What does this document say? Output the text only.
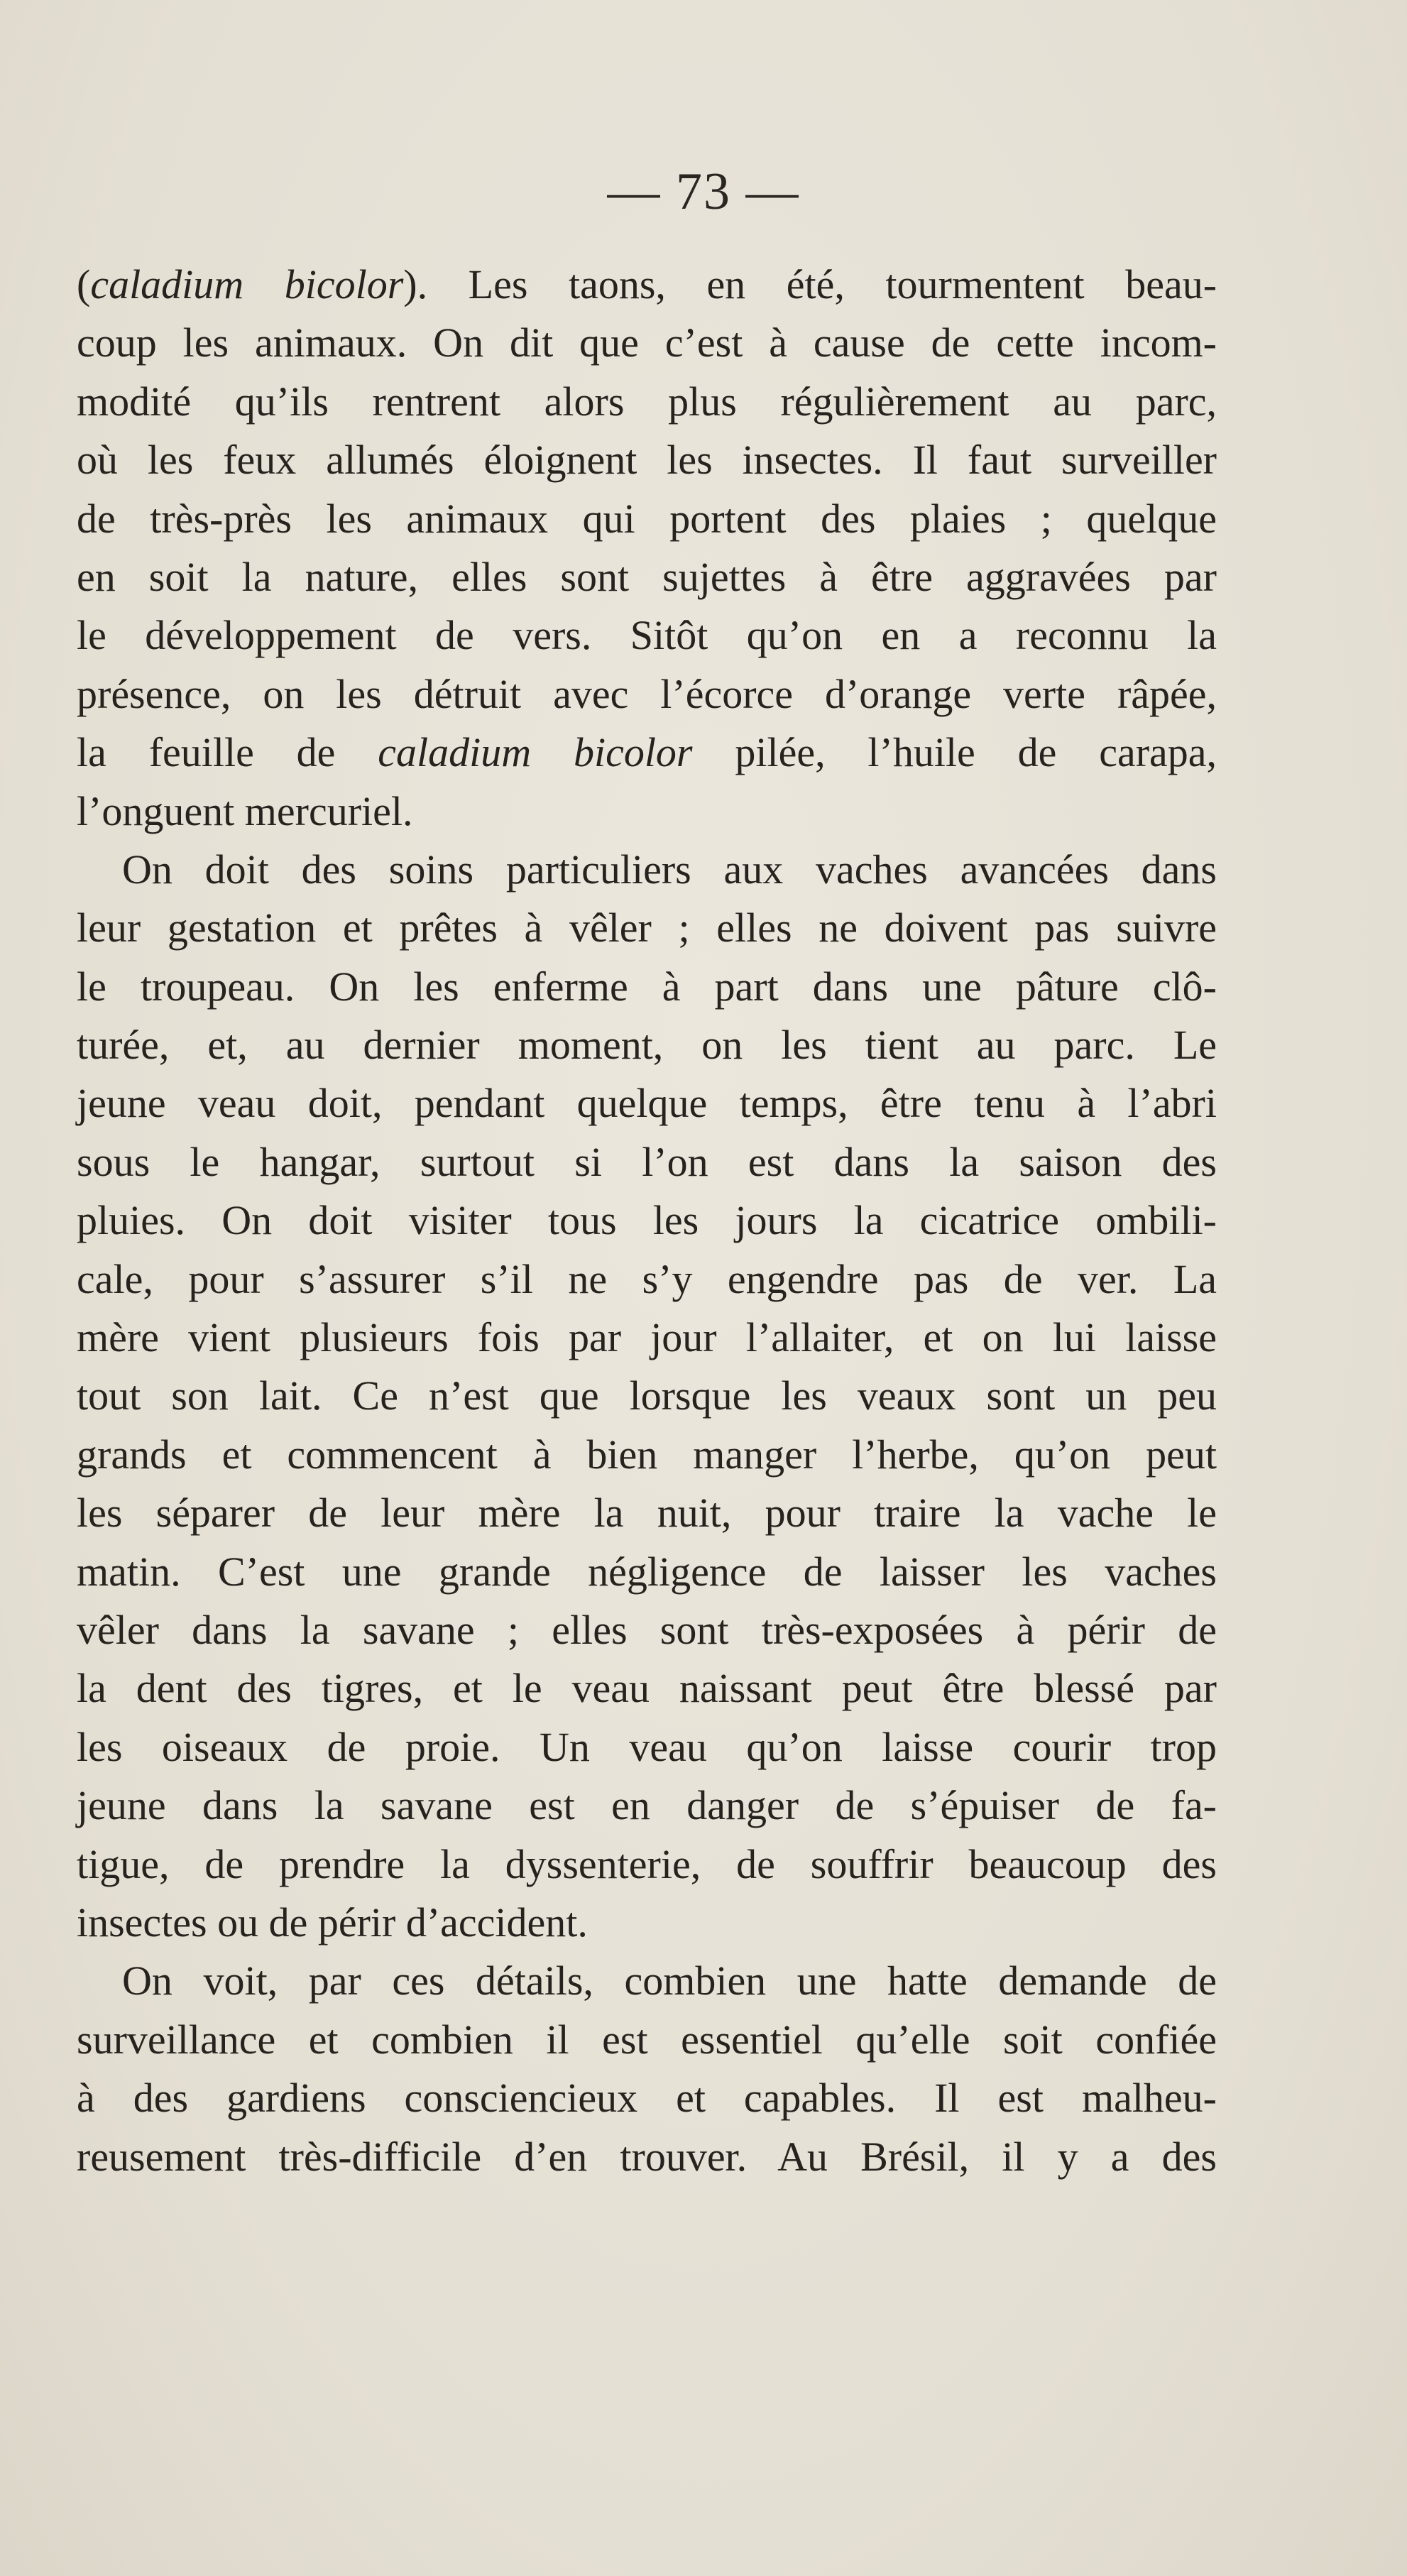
— 73 —
(caladium bicolor). Les taons, en été, tourmentent beau-
coup les animaux. On dit que c’est à cause de cette incom-
modité qu’ils rentrent alors plus régulièrement au parc,
où les feux allumés éloignent les insectes. Il faut surveiller
de très-près les animaux qui portent des plaies ; quelque
en soit la nature, elles sont sujettes à être aggravées par
le développement de vers. Sitôt qu’on en a reconnu la
présence, on les détruit avec l’écorce d’orange verte râpée,
la feuille de caladium bicolor pilée, l’huile de carapa,
l’onguent mercuriel.
On doit des soins particuliers aux vaches avancées dans
leur gestation et prêtes à vêler ; elles ne doivent pas suivre
le troupeau. On les enferme à part dans une pâture clô-
turée, et, au dernier moment, on les tient au parc. Le
jeune veau doit, pendant quelque temps, être tenu à l’abri
sous le hangar, surtout si l’on est dans la saison des
pluies. On doit visiter tous les jours la cicatrice ombili-
cale, pour s’assurer s’il ne s’y engendre pas de ver. La
mère vient plusieurs fois par jour l’allaiter, et on lui laisse
tout son lait. Ce n’est que lorsque les veaux sont un peu
grands et commencent à bien manger l’herbe, qu’on peut
les séparer de leur mère la nuit, pour traire la vache le
matin. C’est une grande négligence de laisser les vaches
vêler dans la savane ; elles sont très-exposées à périr de
la dent des tigres, et le veau naissant peut être blessé par
les oiseaux de proie. Un veau qu’on laisse courir trop
jeune dans la savane est en danger de s’épuiser de fa-
tigue, de prendre la dyssenterie, de souffrir beaucoup des
insectes ou de périr d’accident.
On voit, par ces détails, combien une hatte demande de
surveillance et combien il est essentiel qu’elle soit confiée
à des gardiens consciencieux et capables. Il est malheu-
reusement très-difficile d’en trouver. Au Brésil, il y a des
